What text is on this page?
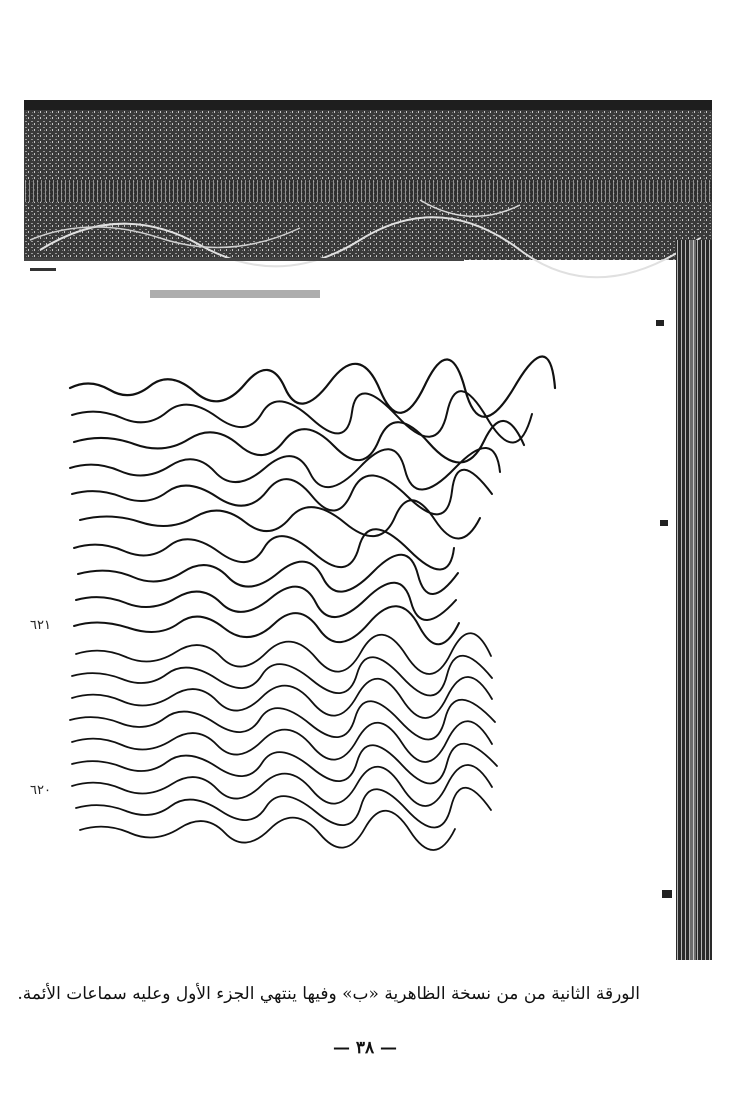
٦٢١
٦٢٠
الورقة الثانية من من نسخة الظاهرية «ب» وفيها ينتهي الجزء الأول وعليه سماعات الأئمة.
— ٣٨ —
